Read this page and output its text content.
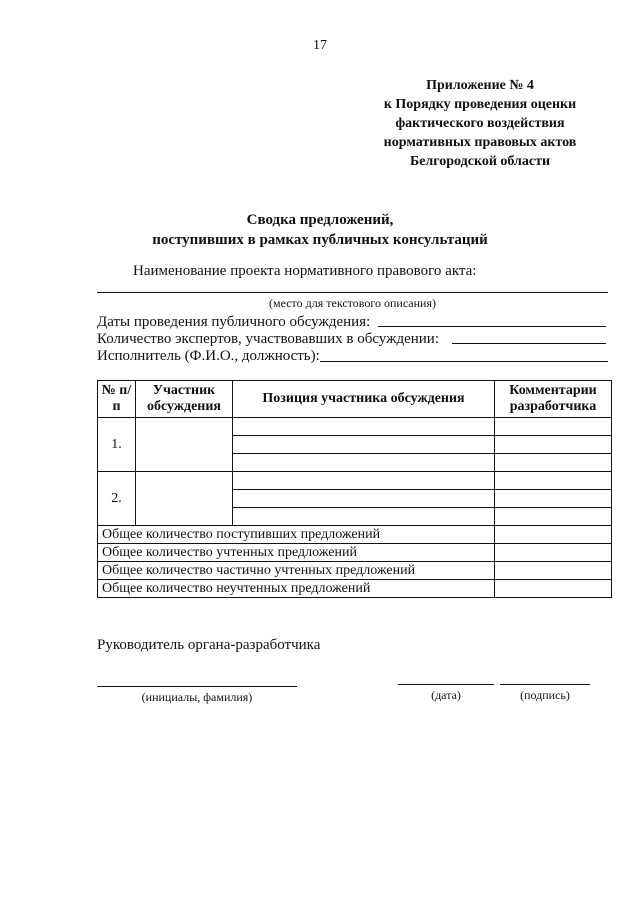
17
Приложение № 4
к Порядку проведения оценки
фактического воздействия
нормативных правовых актов
Белгородской области
Сводка предложений,
поступивших в рамках публичных консультаций
Наименование проекта нормативного правового акта:
(место для текстового описания)
Даты проведения публичного обсуждения:
Количество экспертов, участвовавших в обсуждении:
Исполнитель (Ф.И.О., должность):
№ п/п	Участник обсуждения	Позиция участника обсуждения	Комментарии разработчика
1.			

2.			

Общее количество поступивших предложений			
Общее количество учтенных предложений			
Общее количество частично учтенных предложений			
Общее количество неучтенных предложений			
Руководитель органа-разработчика
(инициалы, фамилия)	(дата)	(подпись)
